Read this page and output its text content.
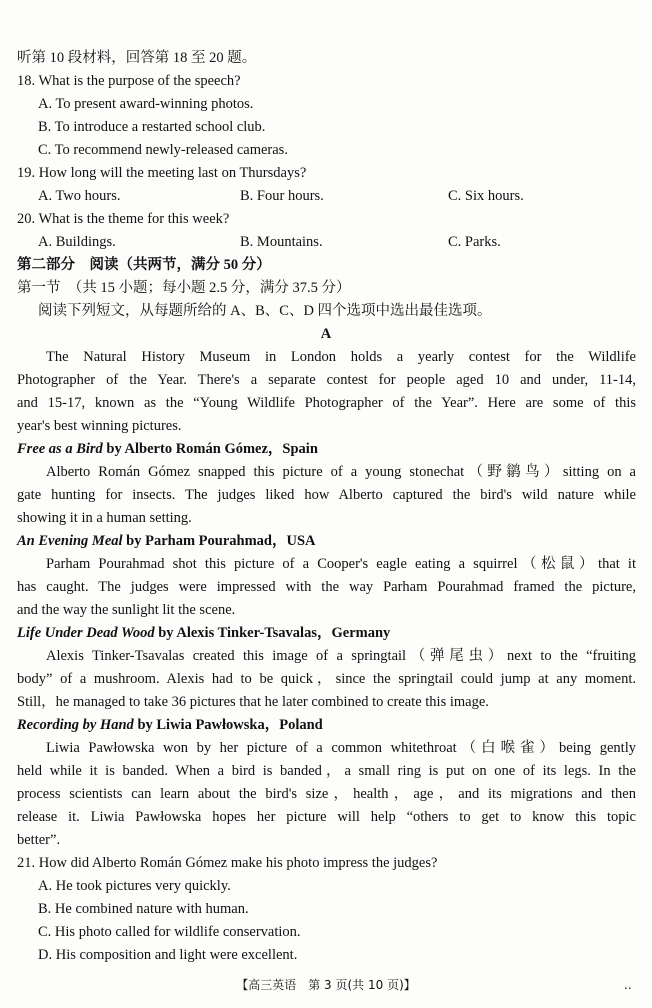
听第 10 段材料，回答第 18 至 20 题。
18. What is the purpose of the speech?
A. To present award-winning photos.
B. To introduce a restarted school club.
C. To recommend newly-released cameras.
19. How long will the meeting last on Thursdays?
A. Two hours.	B. Four hours.	C. Six hours.
20. What is the theme for this week?
A. Buildings.	B. Mountains.	C. Parks.
第二部分　阅读（共两节，满分 50 分）
第一节　（共 15 小题；每小题 2.5 分，满分 37.5 分）
阅读下列短文，从每题所给的 A、B、C、D 四个选项中选出最佳选项。
A
The Natural History Museum in London holds a yearly contest for the Wildlife
Photographer of the Year. There's a separate contest for people aged 10 and under, 11-14,
and 15-17, known as the “Young Wildlife Photographer of the Year”. Here are some of this
year's best winning pictures.
Free as a Bird by Alberto Román Gómez，Spain
Alberto Román Gómez snapped this picture of a young stonechat（野鹟鸟）sitting on a
gate hunting for insects. The judges liked how Alberto captured the bird's wild nature while
showing it in a human setting.
An Evening Meal by Parham Pourahmad，USA
Parham Pourahmad shot this picture of a Cooper's eagle eating a squirrel（松鼠）that it
has caught. The judges were impressed with the way Parham Pourahmad framed the picture,
and the way the sunlight lit the scene.
Life Under Dead Wood by Alexis Tinker-Tsavalas，Germany
Alexis Tinker-Tsavalas created this image of a springtail（弹尾虫）next to the “fruiting
body” of a mushroom. Alexis had to be quick，since the springtail could jump at any moment.
Still，he managed to take 36 pictures that he later combined to create this image.
Recording by Hand by Liwia Pawłowska，Poland
Liwia Pawłowska won by her picture of a common whitethroat（白喉雀）being gently
held while it is banded. When a bird is banded，a small ring is put on one of its legs. In the
process scientists can learn about the bird's size，health，age，and its migrations and then
release it. Liwia Pawłowska hopes her picture will help “others to get to know this topic
better”.
21. How did Alberto Román Gómez make his photo impress the judges?
A. He took pictures very quickly.
B. He combined nature with human.
C. His photo called for wildlife conservation.
D. His composition and light were excellent.
【高三英语　第 3 页(共 10 页)】	..
